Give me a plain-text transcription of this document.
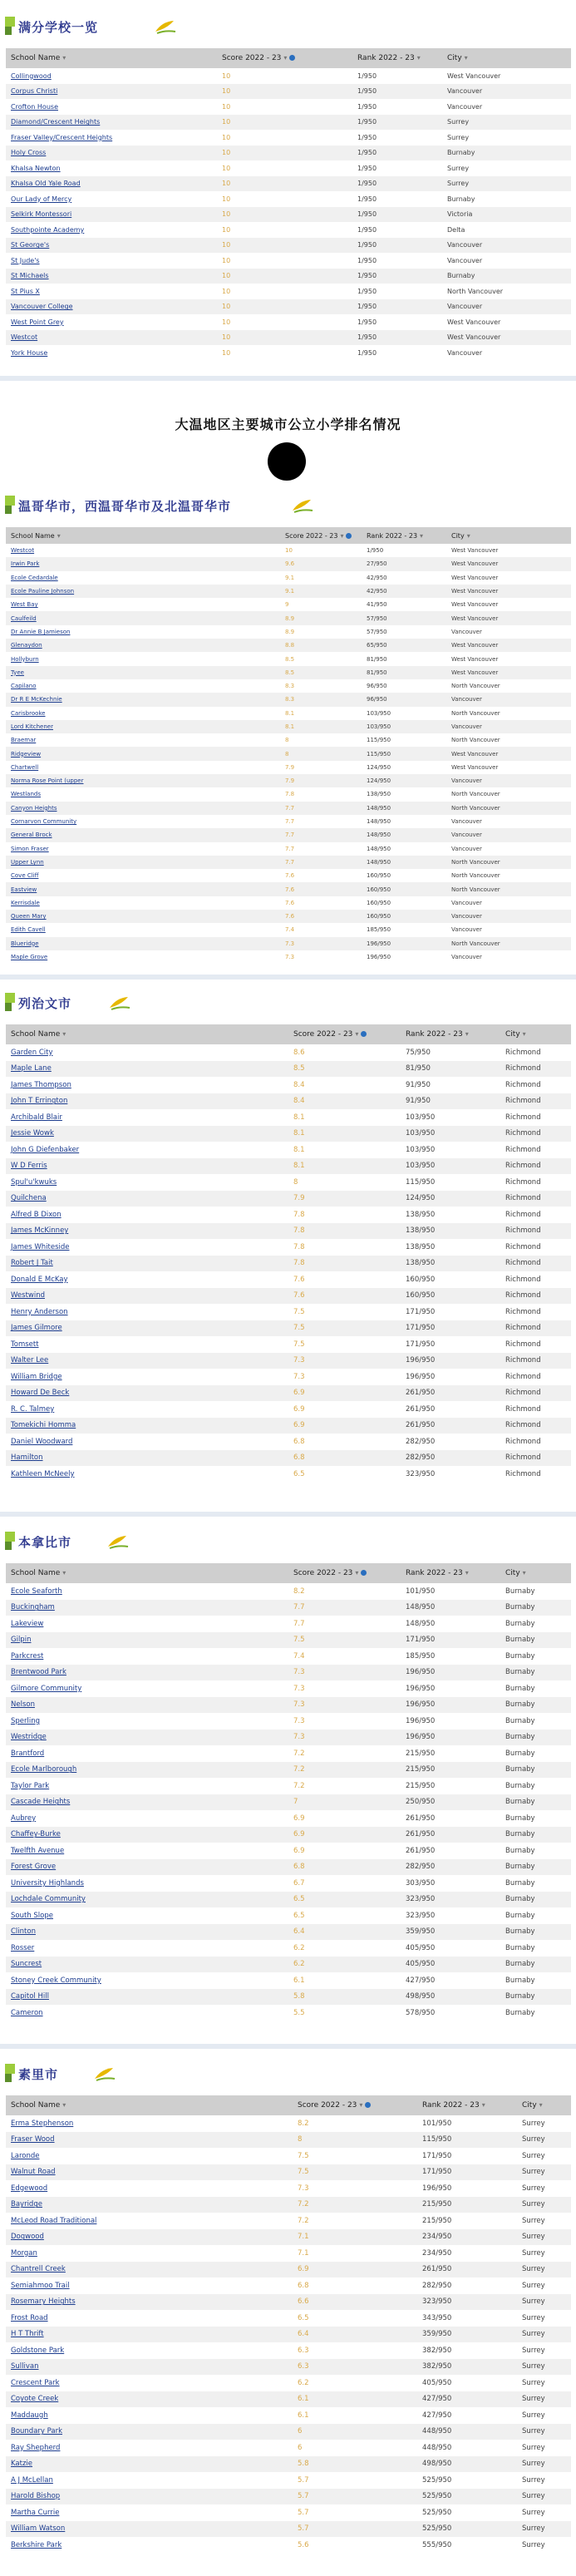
满分学校一览
School Name ▾	Score 2022 - 23 ▾	Rank 2022 - 23 ▾	City ▾
Collingwood	10	1/950	West Vancouver
Corpus Christi	10	1/950	Vancouver
Crofton House	10	1/950	Vancouver
Diamond/Crescent Heights	10	1/950	Surrey
Fraser Valley/Crescent Heights	10	1/950	Surrey
Holy Cross	10	1/950	Burnaby
Khalsa Newton	10	1/950	Surrey
Khalsa Old Yale Road	10	1/950	Surrey
Our Lady of Mercy	10	1/950	Burnaby
Selkirk Montessori	10	1/950	Victoria
Southpointe Academy	10	1/950	Delta
St George's	10	1/950	Vancouver
St Jude's	10	1/950	Vancouver
St Michaels	10	1/950	Burnaby
St Pius X	10	1/950	North Vancouver
Vancouver College	10	1/950	Vancouver
West Point Grey	10	1/950	West Vancouver
Westcot	10	1/950	West Vancouver
York House	10	1/950	Vancouver
温哥华市，西温哥华市及北温哥华市
School Name ▾	Score 2022 - 23 ▾	Rank 2022 - 23 ▾	City ▾
Westcot	10	1/950	West Vancouver
Irwin Park	9.6	27/950	West Vancouver
Ecole Cedardale	9.1	42/950	West Vancouver
Ecole Pauline Johnson	9.1	42/950	West Vancouver
West Bay	9	41/950	West Vancouver
Caulfeild	8.9	57/950	West Vancouver
Dr Annie B Jamieson	8.9	57/950	Vancouver
Glenaydon	8.8	65/950	West Vancouver
Hollyburn	8.5	81/950	West Vancouver
Tyee	8.5	81/950	West Vancouver
Capilano	8.3	96/950	North Vancouver
Dr R E McKechnie	8.3	96/950	Vancouver
Carisbrooke	8.1	103/950	North Vancouver
Lord Kitchener	8.1	103/950	Vancouver
Braemar	8	115/950	North Vancouver
Ridgeview	8	115/950	West Vancouver
Chartwell	7.9	124/950	West Vancouver
Norma Rose Point (upper	7.9	124/950	Vancouver
Westlands	7.8	138/950	North Vancouver
Canyon Heights	7.7	148/950	North Vancouver
Cornarvon Community	7.7	148/950	Vancouver
General Brock	7.7	148/950	Vancouver
Simon Fraser	7.7	148/950	Vancouver
Upper Lynn	7.7	148/950	North Vancouver
Cove Cliff	7.6	160/950	North Vancouver
Eastview	7.6	160/950	North Vancouver
Kerrisdale	7.6	160/950	Vancouver
Queen Mary	7.6	160/950	Vancouver
Edith Cavell	7.4	185/950	Vancouver
Blueridge	7.3	196/950	North Vancouver
Maple Grove	7.3	196/950	Vancouver
列治文市
School Name ▾	Score 2022 - 23 ▾	Rank 2022 - 23 ▾	City ▾
Garden City	8.6	75/950	Richmond
Maple Lane	8.5	81/950	Richmond
James Thompson	8.4	91/950	Richmond
John T Errington	8.4	91/950	Richmond
Archibald Blair	8.1	103/950	Richmond
Jessie Wowk	8.1	103/950	Richmond
John G Diefenbaker	8.1	103/950	Richmond
W D Ferris	8.1	103/950	Richmond
Spul'u'kwuks	8	115/950	Richmond
Quilchena	7.9	124/950	Richmond
Alfred B Dixon	7.8	138/950	Richmond
James McKinney	7.8	138/950	Richmond
James Whiteside	7.8	138/950	Richmond
Robert J Tait	7.8	138/950	Richmond
Donald E McKay	7.6	160/950	Richmond
Westwind	7.6	160/950	Richmond
Henry Anderson	7.5	171/950	Richmond
James Gilmore	7.5	171/950	Richmond
Tomsett	7.5	171/950	Richmond
Walter Lee	7.3	196/950	Richmond
William Bridge	7.3	196/950	Richmond
Howard De Beck	6.9	261/950	Richmond
R. C. Talmey	6.9	261/950	Richmond
Tomekichi Homma	6.9	261/950	Richmond
Daniel Woodward	6.8	282/950	Richmond
Hamilton	6.8	282/950	Richmond
Kathleen McNeely	6.5	323/950	Richmond
本拿比市
School Name ▾	Score 2022 - 23 ▾	Rank 2022 - 23 ▾	City ▾
Ecole Seaforth	8.2	101/950	Burnaby
Buckingham	7.7	148/950	Burnaby
Lakeview	7.7	148/950	Burnaby
Gilpin	7.5	171/950	Burnaby
Parkcrest	7.4	185/950	Burnaby
Brentwood Park	7.3	196/950	Burnaby
Gilmore Community	7.3	196/950	Burnaby
Nelson	7.3	196/950	Burnaby
Sperling	7.3	196/950	Burnaby
Westridge	7.3	196/950	Burnaby
Brantford	7.2	215/950	Burnaby
Ecole Marlborough	7.2	215/950	Burnaby
Taylor Park	7.2	215/950	Burnaby
Cascade Heights	7	250/950	Burnaby
Aubrey	6.9	261/950	Burnaby
Chaffey-Burke	6.9	261/950	Burnaby
Twelfth Avenue	6.9	261/950	Burnaby
Forest Grove	6.8	282/950	Burnaby
University Highlands	6.7	303/950	Burnaby
Lochdale Community	6.5	323/950	Burnaby
South Slope	6.5	323/950	Burnaby
Clinton	6.4	359/950	Burnaby
Rosser	6.2	405/950	Burnaby
Suncrest	6.2	405/950	Burnaby
Stoney Creek Community	6.1	427/950	Burnaby
Capitol Hill	5.8	498/950	Burnaby
Cameron	5.5	578/950	Burnaby
素里市
School Name ▾	Score 2022 - 23 ▾	Rank 2022 - 23 ▾	City ▾
Erma Stephenson	8.2	101/950	Surrey
Fraser Wood	8	115/950	Surrey
Laronde	7.5	171/950	Surrey
Walnut Road	7.5	171/950	Surrey
Edgewood	7.3	196/950	Surrey
Bayridge	7.2	215/950	Surrey
McLeod Road Traditional	7.2	215/950	Surrey
Dogwood	7.1	234/950	Surrey
Morgan	7.1	234/950	Surrey
Chantrell Creek	6.9	261/950	Surrey
Semiahmoo Trail	6.8	282/950	Surrey
Rosemary Heights	6.6	323/950	Surrey
Frost Road	6.5	343/950	Surrey
H T Thrift	6.4	359/950	Surrey
Goldstone Park	6.3	382/950	Surrey
Sullivan	6.3	382/950	Surrey
Crescent Park	6.2	405/950	Surrey
Coyote Creek	6.1	427/950	Surrey
Maddaugh	6.1	427/950	Surrey
Boundary Park	6	448/950	Surrey
Ray Shepherd	6	448/950	Surrey
Katzie	5.8	498/950	Surrey
A J McLellan	5.7	525/950	Surrey
Harold Bishop	5.7	525/950	Surrey
Martha Currie	5.7	525/950	Surrey
William Watson	5.7	525/950	Surrey
Berkshire Park	5.6	555/950	Surrey
大温地区主要城市公立小学排名情况
